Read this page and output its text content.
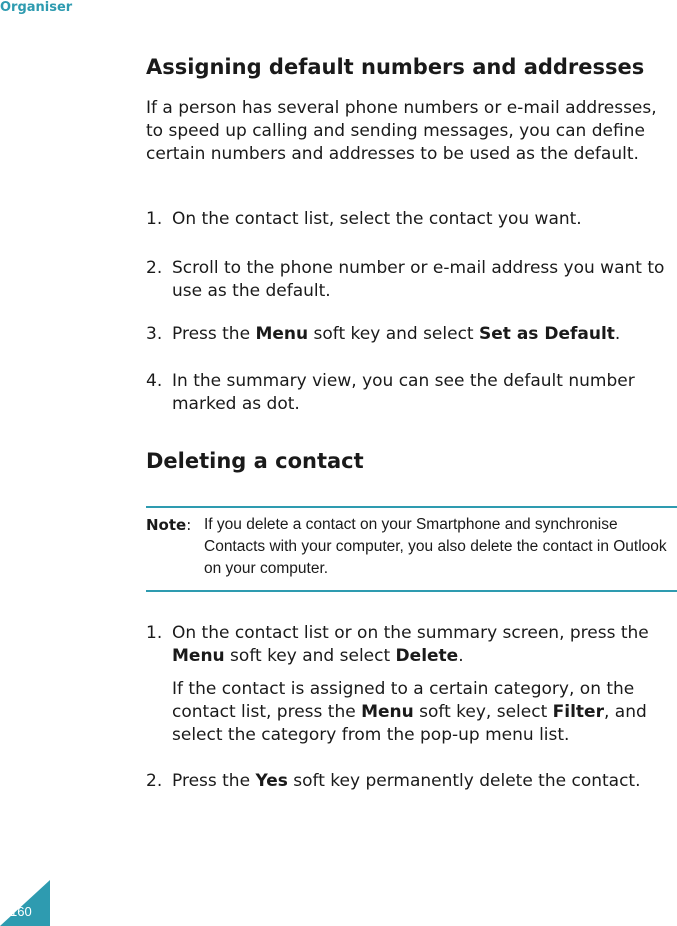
Organiser
Assigning default numbers and addresses

If a person has several phone numbers or e-mail addresses, to speed up calling and sending messages, you can define certain numbers and addresses to be used as the default.

1. On the contact list, select the contact you want.
2. Scroll to the phone number or e-mail address you want to use as the default.
3. Press the Menu soft key and select Set as Default.
4. In the summary view, you can see the default number marked as dot.
Deleting a contact
Note: If you delete a contact on your Smartphone and synchronise Contacts with your computer, you also delete the contact in Outlook on your computer.
1. On the contact list or on the summary screen, press the Menu soft key and select Delete.
If the contact is assigned to a certain category, on the contact list, press the Menu soft key, select Filter, and select the category from the pop-up menu list.
2. Press the Yes soft key permanently delete the contact.
160
